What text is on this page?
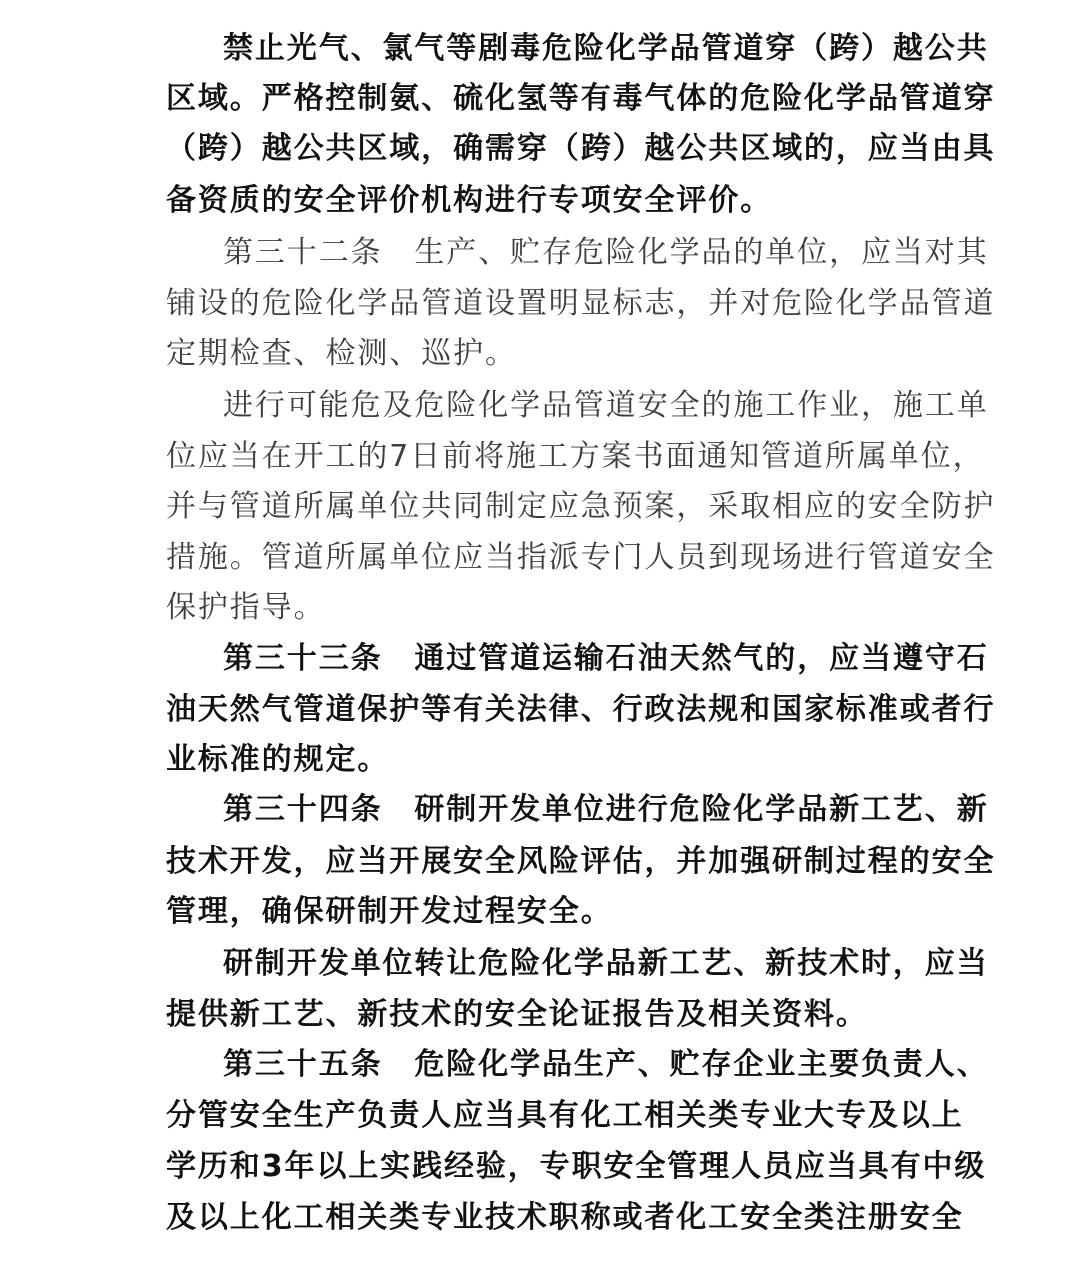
禁止光气、氯气等剧毒危险化学品管道穿（跨）越公共
区域。严格控制氨、硫化氢等有毒气体的危险化学品管道穿
（跨）越公共区域，确需穿（跨）越公共区域的，应当由具
备资质的安全评价机构进行专项安全评价。
第三十二条　生产、贮存危险化学品的单位，应当对其
铺设的危险化学品管道设置明显标志，并对危险化学品管道
定期检查、检测、巡护。
进行可能危及危险化学品管道安全的施工作业，施工单
位应当在开工的7日前将施工方案书面通知管道所属单位，
并与管道所属单位共同制定应急预案，采取相应的安全防护
措施。管道所属单位应当指派专门人员到现场进行管道安全
保护指导。
第三十三条　通过管道运输石油天然气的，应当遵守石
油天然气管道保护等有关法律、行政法规和国家标准或者行
业标准的规定。
第三十四条　研制开发单位进行危险化学品新工艺、新
技术开发，应当开展安全风险评估，并加强研制过程的安全
管理，确保研制开发过程安全。
研制开发单位转让危险化学品新工艺、新技术时，应当
提供新工艺、新技术的安全论证报告及相关资料。
第三十五条　危险化学品生产、贮存企业主要负责人、
分管安全生产负责人应当具有化工相关类专业大专及以上
学历和3年以上实践经验，专职安全管理人员应当具有中级
及以上化工相关类专业技术职称或者化工安全类注册安全
